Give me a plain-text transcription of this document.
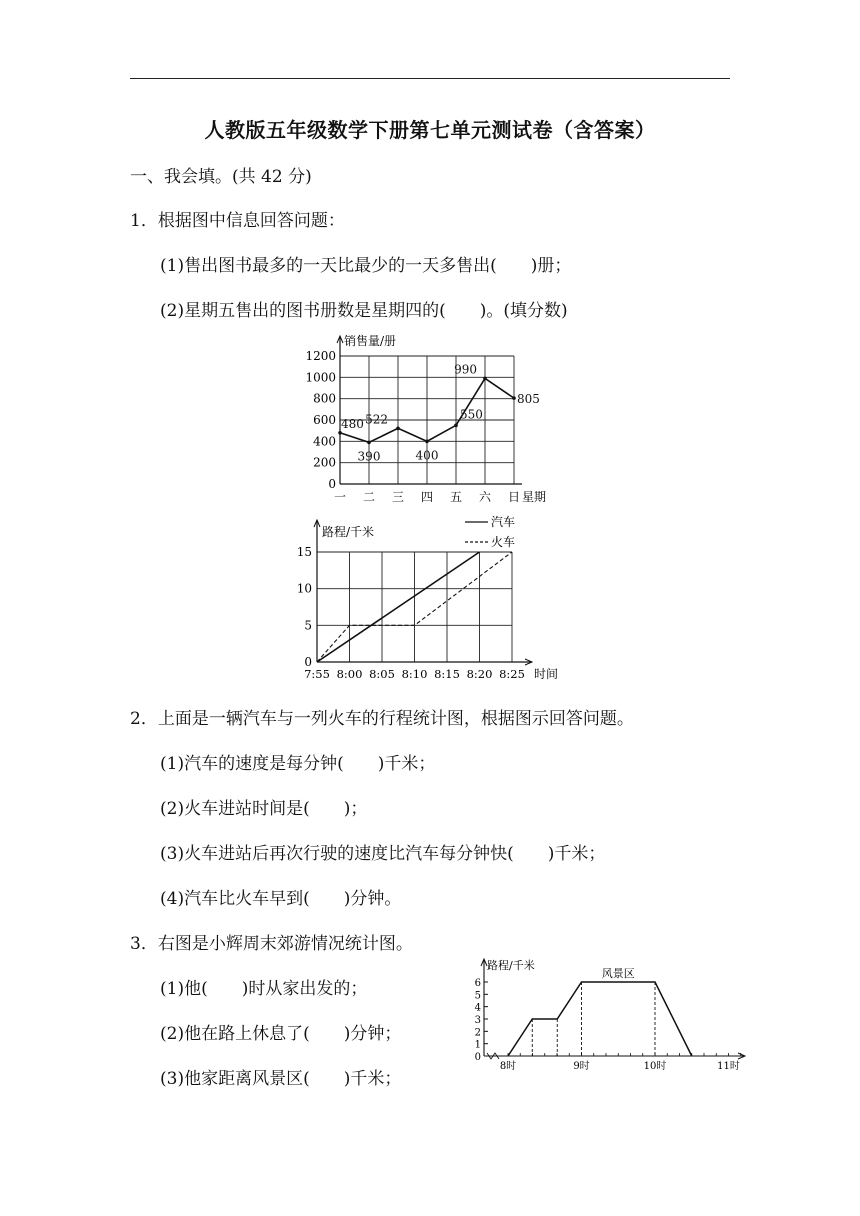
人教版五年级数学下册第七单元测试卷（含答案）
一、我会填。(共 42 分)
1．根据图中信息回答问题：
(1)售出图书最多的一天比最少的一天多售出(　　)册；
(2)星期五售出的图书册数是星期四的(　　)。(填分数)
0
200
400
600
800
1000
1200
销售量/册
一 二 三 四 五 六 日 星期
480
390
522
400
550
990
805
7:55 8:00 8:05 8:10 8:15 8:20 8:25
0
5
10
15
路程/千米
时间
汽车
火车
2．上面是一辆汽车与一列火车的行程统计图，根据图示回答问题。
(1)汽车的速度是每分钟(　　)千米；
(2)火车进站时间是(　　)；
(3)火车进站后再次行驶的速度比汽车每分钟快(　　)千米；
(4)汽车比火车早到(　　)分钟。
3．右图是小辉周末郊游情况统计图。
(1)他(　　)时从家出发的；
(2)他在路上休息了(　　)分钟；
(3)他家距离风景区(　　)千米；
路程/千米
0
1
2
3
4
5
6
8时	9时	10时	11时
风景区
